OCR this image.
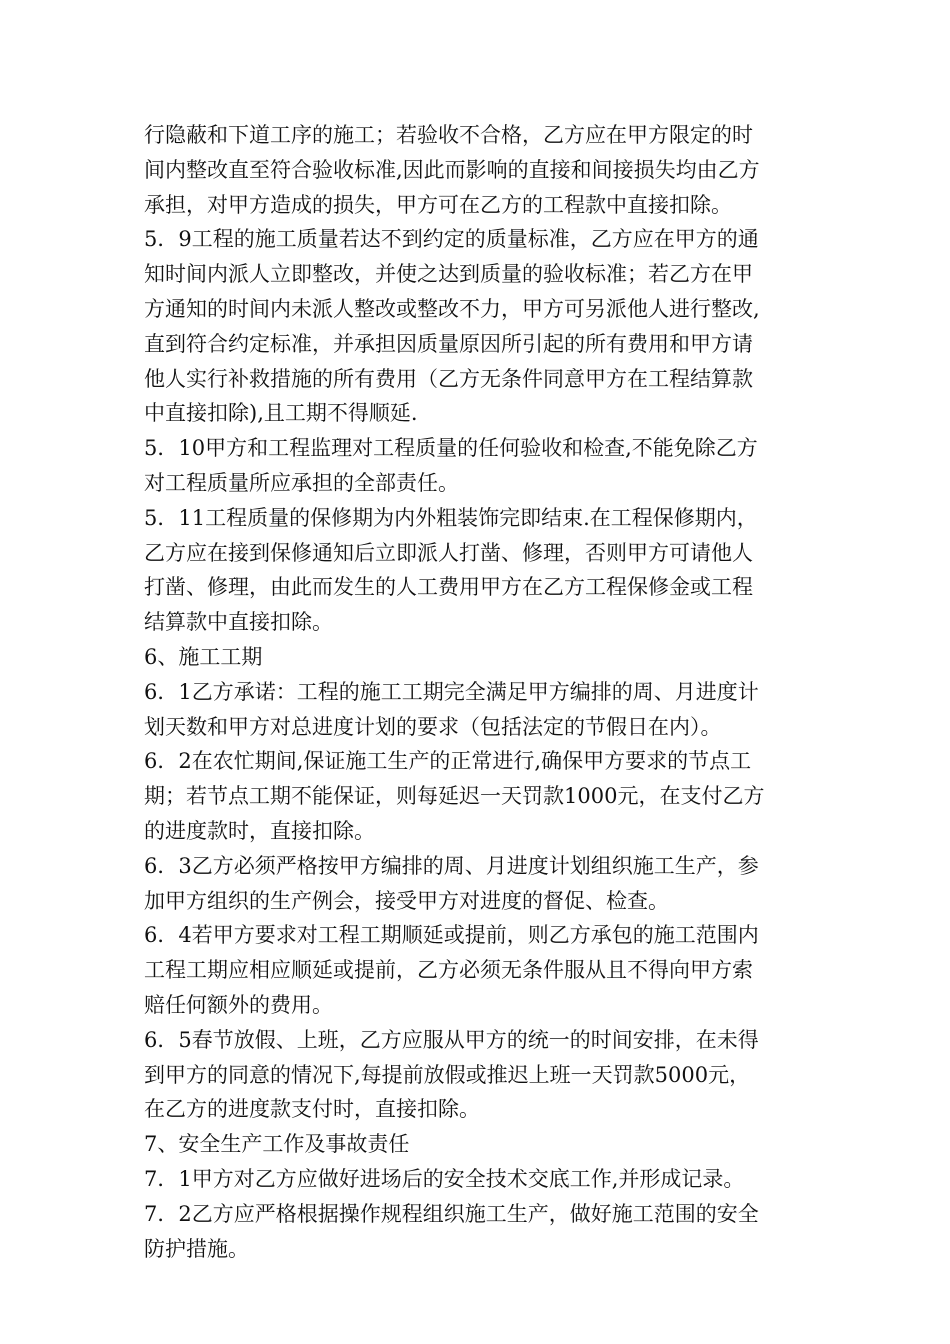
行隐蔽和下道工序的施工；若验收不合格，乙方应在甲方限定的时
间内整改直至符合验收标准,因此而影响的直接和间接损失均由乙方
承担，对甲方造成的损失，甲方可在乙方的工程款中直接扣除。
5．9工程的施工质量若达不到约定的质量标准，乙方应在甲方的通
知时间内派人立即整改，并使之达到质量的验收标准；若乙方在甲
方通知的时间内未派人整改或整改不力，甲方可另派他人进行整改,
直到符合约定标准，并承担因质量原因所引起的所有费用和甲方请
他人实行补救措施的所有费用（乙方无条件同意甲方在工程结算款
中直接扣除),且工期不得顺延.
5．10甲方和工程监理对工程质量的任何验收和检查,不能免除乙方
对工程质量所应承担的全部责任。
5．11工程质量的保修期为内外粗装饰完即结束.在工程保修期内，
乙方应在接到保修通知后立即派人打凿、修理，否则甲方可请他人
打凿、修理，由此而发生的人工费用甲方在乙方工程保修金或工程
结算款中直接扣除。
6、施工工期
6．1乙方承诺：工程的施工工期完全满足甲方编排的周、月进度计
划天数和甲方对总进度计划的要求（包括法定的节假日在内）。
6．2在农忙期间,保证施工生产的正常进行,确保甲方要求的节点工
期；若节点工期不能保证，则每延迟一天罚款1000元，在支付乙方
的进度款时，直接扣除。
6．3乙方必须严格按甲方编排的周、月进度计划组织施工生产，参
加甲方组织的生产例会，接受甲方对进度的督促、检查。
6．4若甲方要求对工程工期顺延或提前，则乙方承包的施工范围内
工程工期应相应顺延或提前，乙方必须无条件服从且不得向甲方索
赔任何额外的费用。
6．5春节放假、上班，乙方应服从甲方的统一的时间安排，在未得
到甲方的同意的情况下,每提前放假或推迟上班一天罚款5000元，
在乙方的进度款支付时，直接扣除。
7、安全生产工作及事故责任
7．1甲方对乙方应做好进场后的安全技术交底工作,并形成记录。
7．2乙方应严格根据操作规程组织施工生产，做好施工范围的安全
防护措施。
